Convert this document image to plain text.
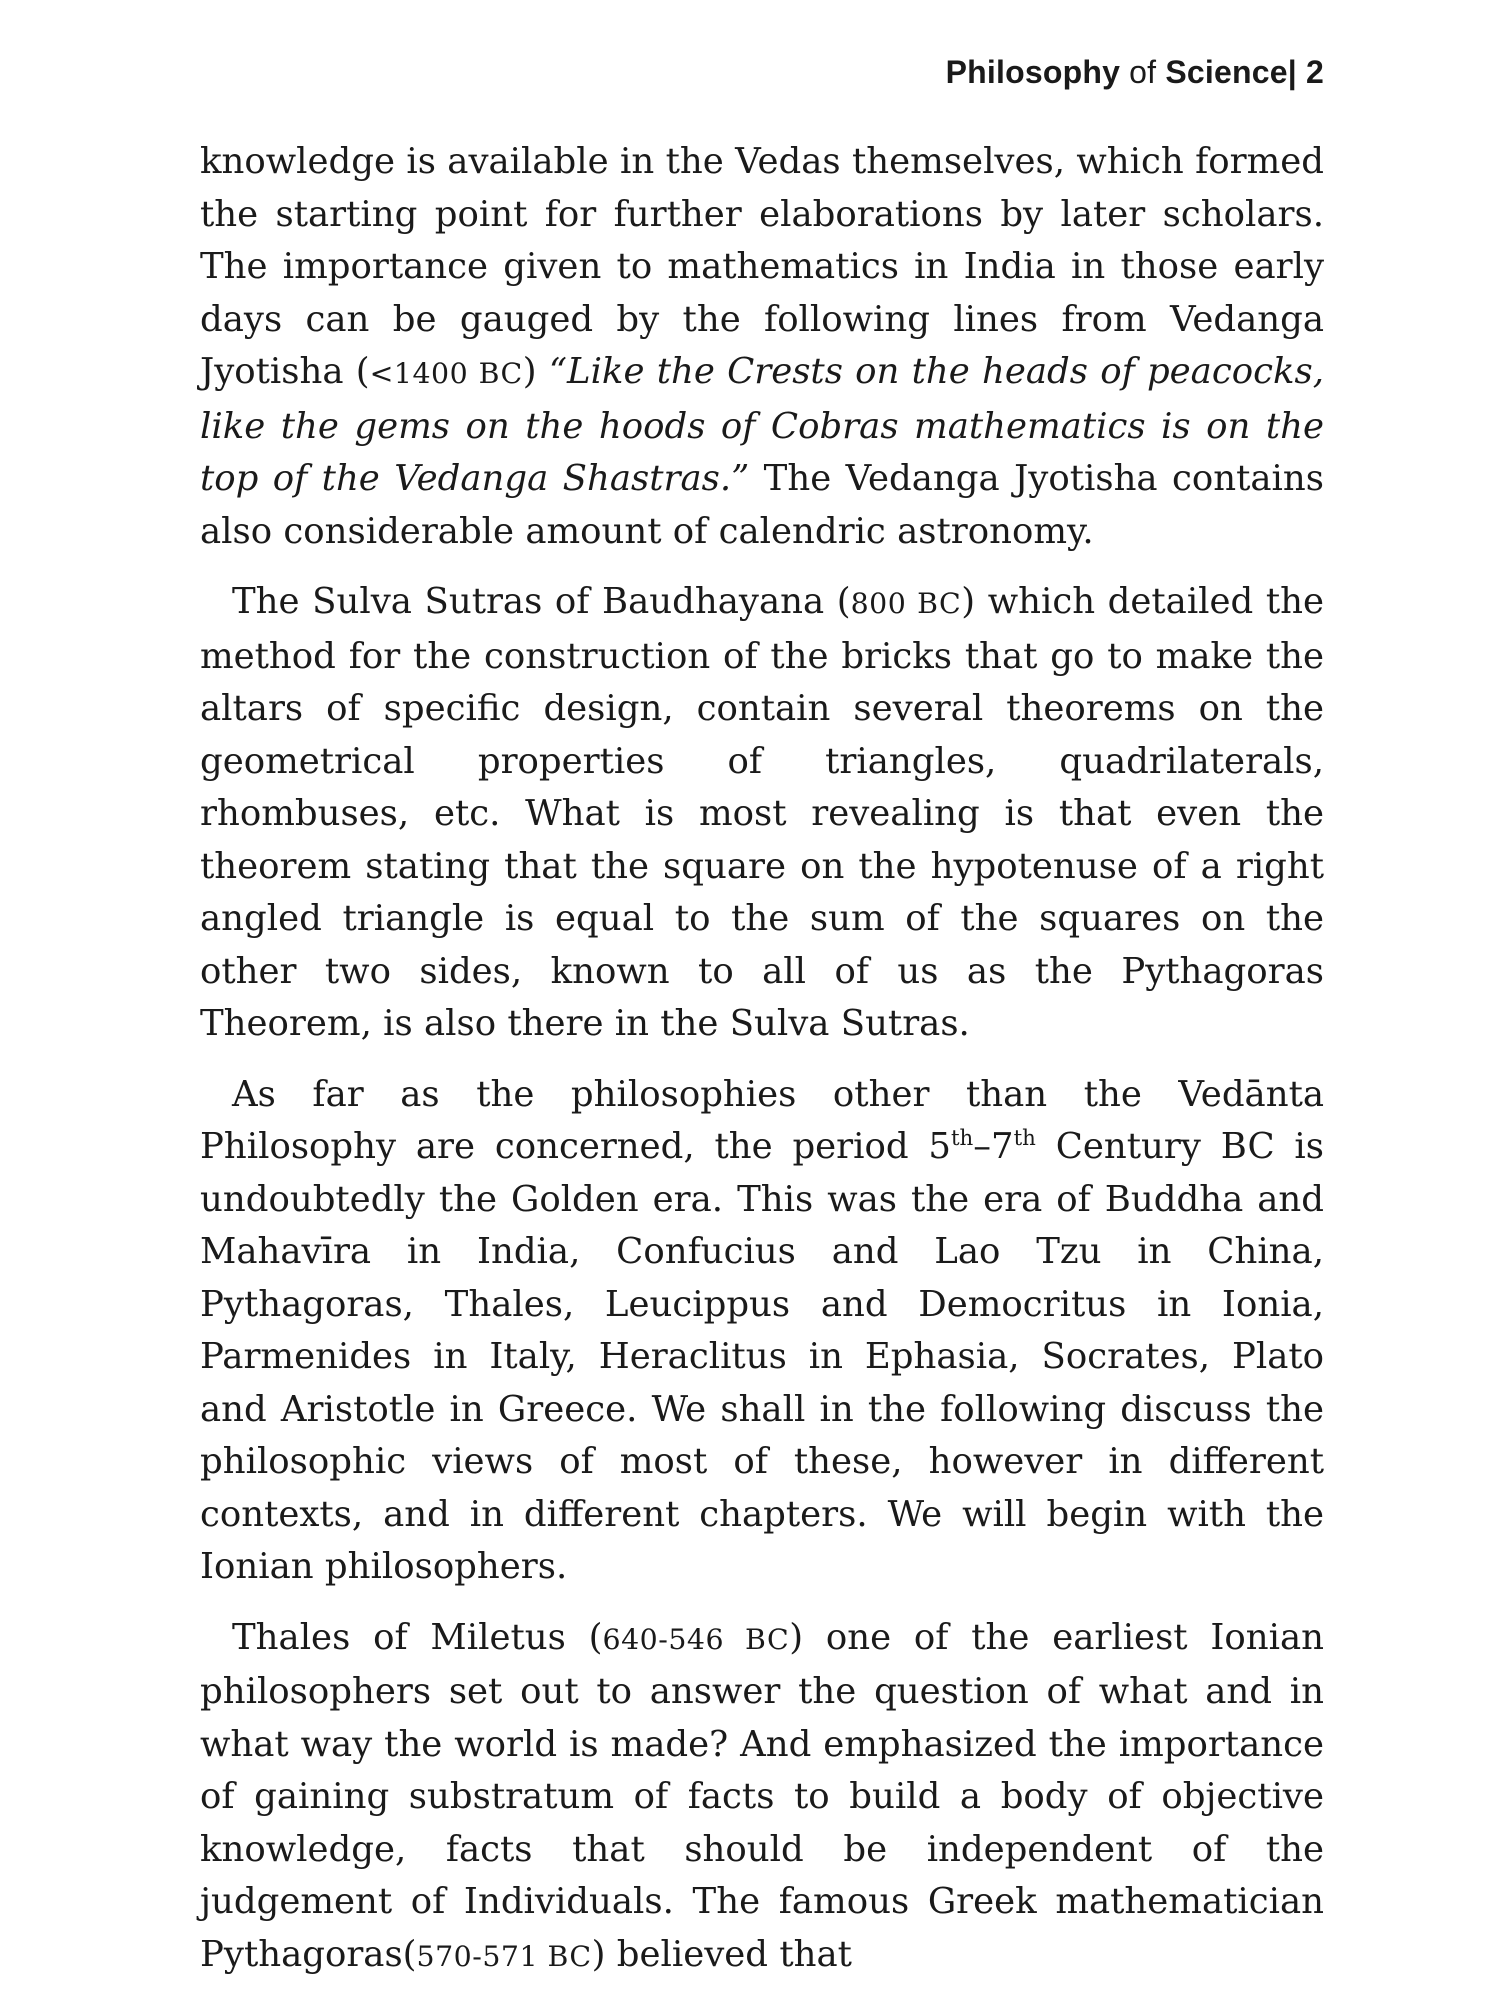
Philosophy of Science| 2

knowledge is available in the Vedas themselves, which formed the starting point for further elaborations by later scholars. The importance given to mathematics in India in those early days can be gauged by the following lines from Vedanga Jyotisha (<1400 BC) “Like the Crests on the heads of peacocks, like the gems on the hoods of Cobras mathematics is on the top of the Vedanga Shastras.” The Vedanga Jyotisha contains also considerable amount of calendric astronomy.

The Sulva Sutras of Baudhayana (800 BC) which detailed the method for the construction of the bricks that go to make the altars of specific design, contain several theorems on the geometrical properties of triangles, quadrilaterals, rhombuses, etc. What is most revealing is that even the theorem stating that the square on the hypotenuse of a right angled triangle is equal to the sum of the squares on the other two sides, known to all of us as the Pythagoras Theorem, is also there in the Sulva Sutras.

As far as the philosophies other than the Vedānta Philosophy are concerned, the period 5th–7th Century BC is undoubtedly the Golden era. This was the era of Buddha and Mahavīra in India, Confucius and Lao Tzu in China, Pythagoras, Thales, Leucippus and Democritus in Ionia, Parmenides in Italy, Heraclitus in Ephasia, Socrates, Plato and Aristotle in Greece. We shall in the following discuss the philosophic views of most of these, however in different contexts, and in different chapters. We will begin with the Ionian philosophers.

Thales of Miletus (640-546 BC) one of the earliest Ionian philosophers set out to answer the question of what and in what way the world is made? And emphasized the importance of gaining substratum of facts to build a body of objective knowledge, facts that should be independent of the judgement of Individuals. The famous Greek mathematician Pythagoras(570-571 BC) believed that
